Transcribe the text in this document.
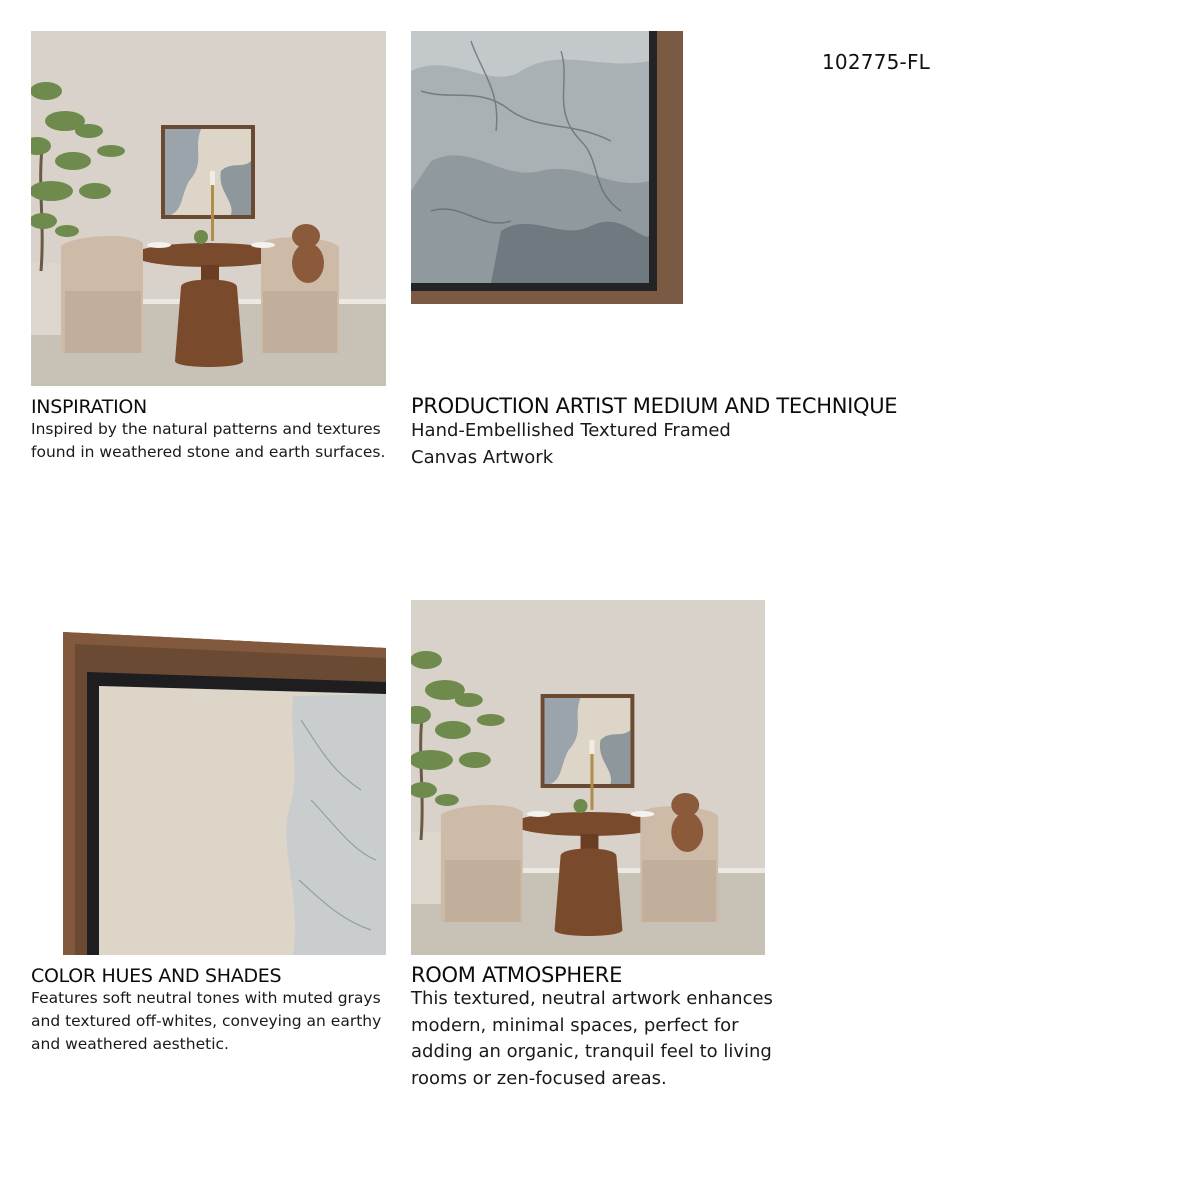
102775-FL
INSPIRATION
Inspired by the natural patterns and textures
found in weathered stone and earth surfaces.
PRODUCTION ARTIST MEDIUM AND TECHNIQUE
Hand-Embellished Textured Framed
Canvas Artwork
COLOR HUES AND SHADES
Features soft neutral tones with muted grays
and textured off-whites, conveying an earthy
and weathered aesthetic.
ROOM ATMOSPHERE
This textured, neutral artwork enhances
modern, minimal spaces, perfect for
adding an organic, tranquil feel to living
rooms or zen-focused areas.
